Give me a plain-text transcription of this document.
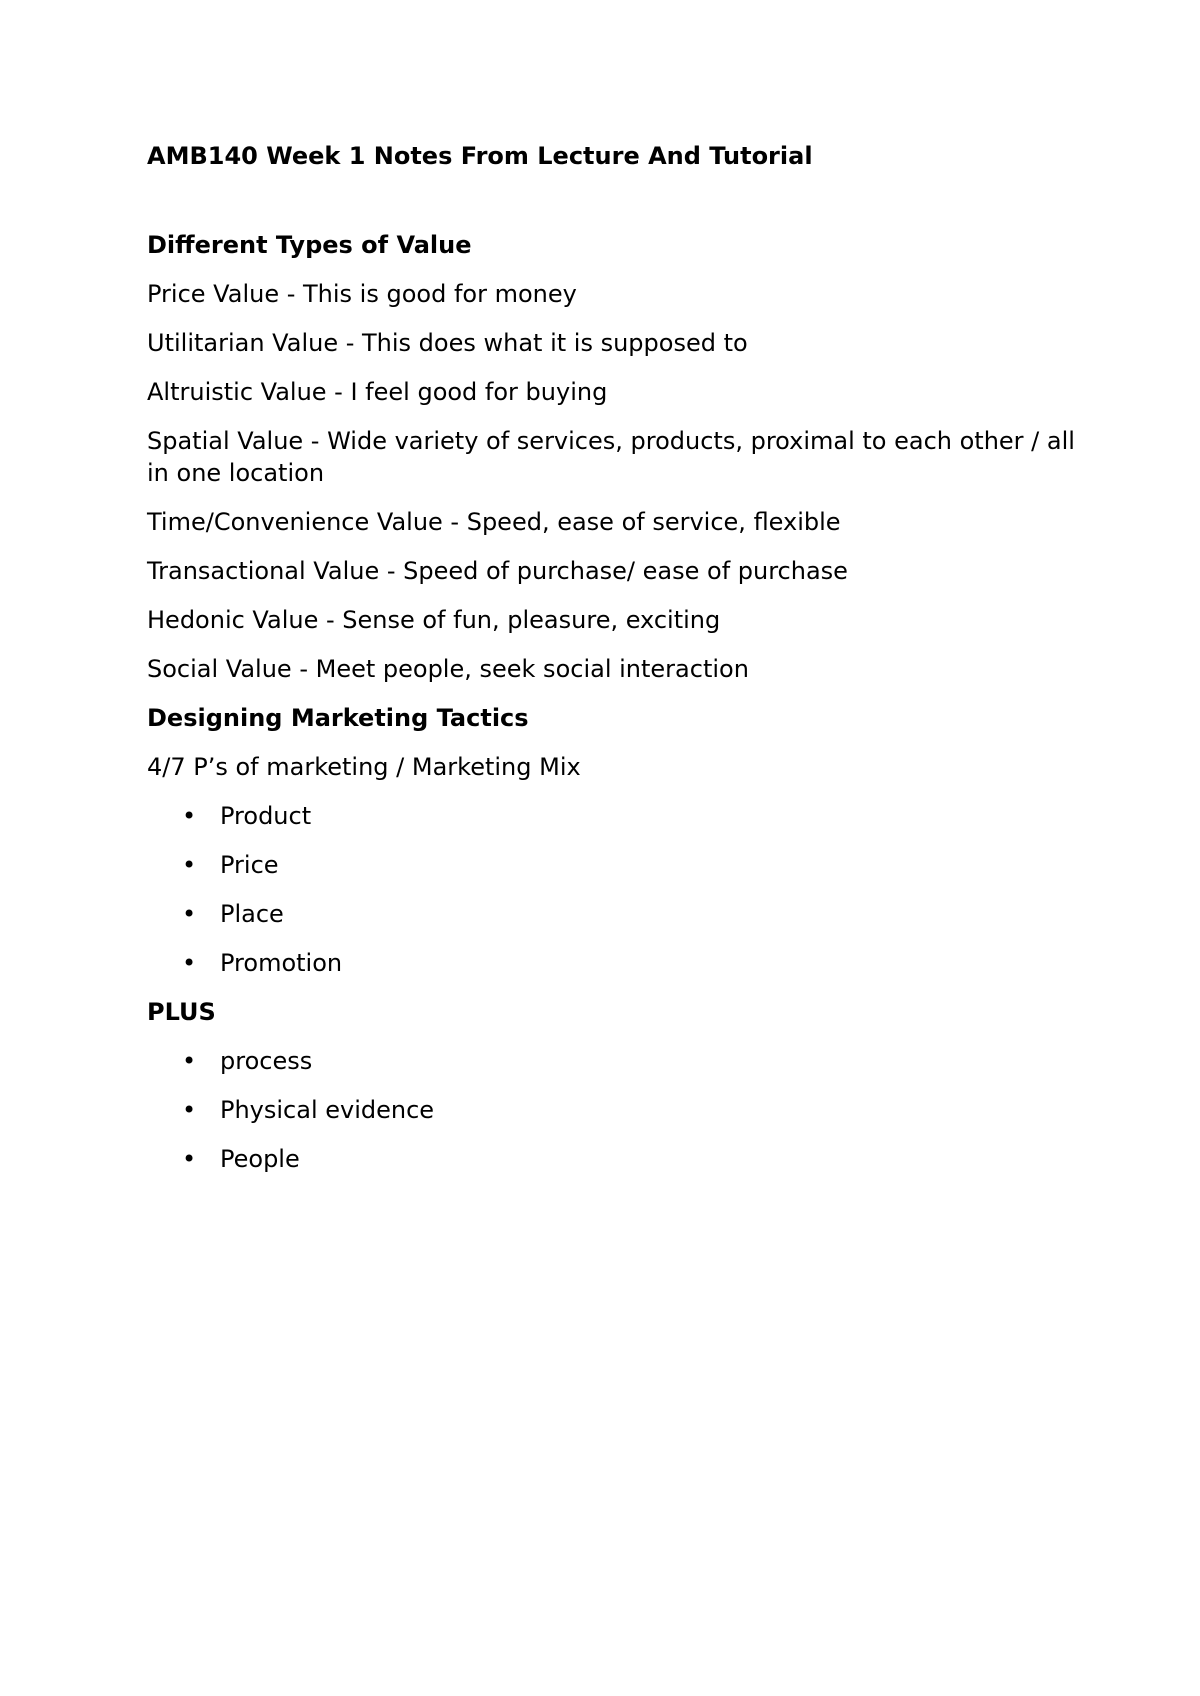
AMB140 Week 1 Notes From Lecture And Tutorial
Different Types of Value
Price Value - This is good for money
Utilitarian Value - This does what it is supposed to
Altruistic Value - I feel good for buying
Spatial Value - Wide variety of services, products, proximal to each other / all in one location
Time/Convenience Value - Speed, ease of service, flexible
Transactional Value - Speed of purchase/ ease of purchase
Hedonic Value - Sense of fun, pleasure, exciting
Social Value - Meet people, seek social interaction
Designing Marketing Tactics
4/7 P’s of marketing / Marketing Mix
• Product
• Price
• Place
• Promotion
PLUS
• process
• Physical evidence
• People
